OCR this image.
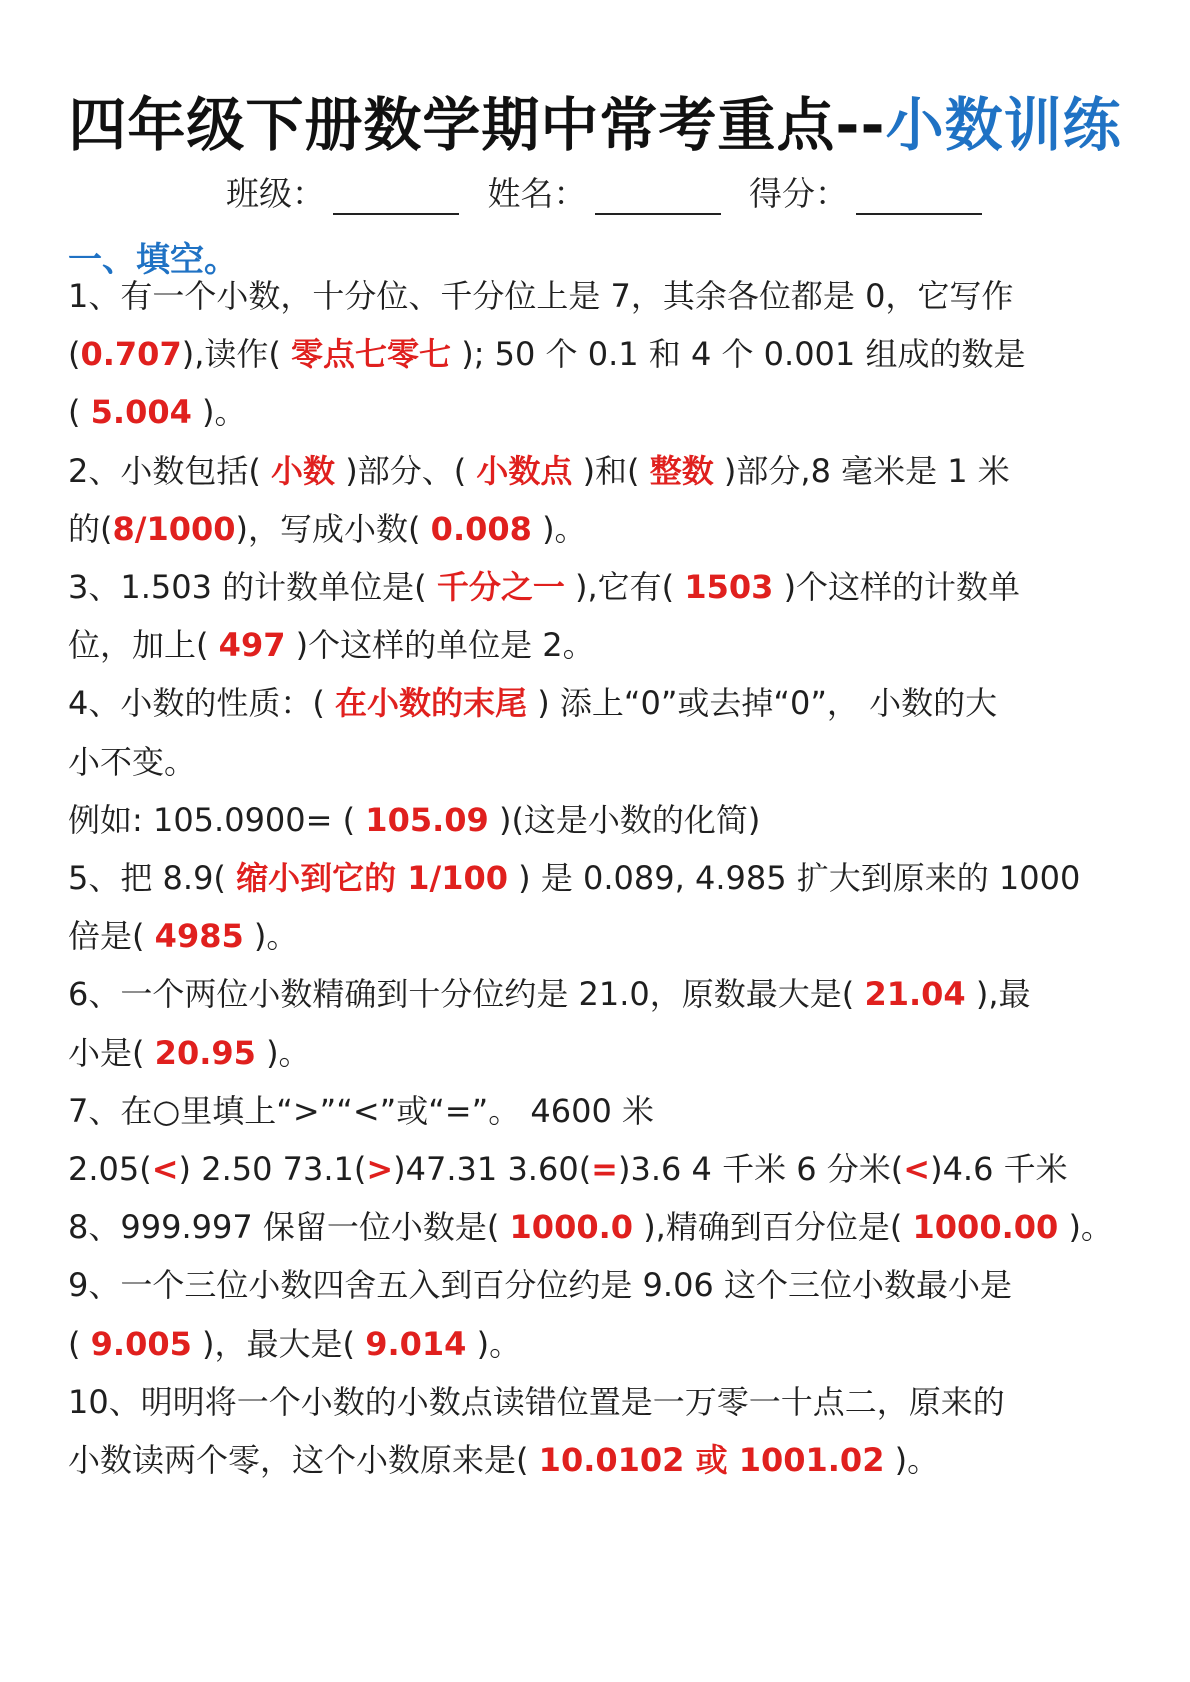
四年级下册数学期中常考重点--小数训练
班级：	姓名：	得分：
一、填空。
1、有一个小数，十分位、千分位上是 7，其余各位都是 0，它写作
(0.707),读作( 零点七零七 ); 50 个 0.1 和 4 个 0.001 组成的数是
( 5.004 )。
2、小数包括( 小数 )部分、( 小数点 )和( 整数 )部分,8 毫米是 1 米
的(8/1000)，写成小数( 0.008 )。
3、1.503 的计数单位是( 千分之一 ),它有( 1503 )个这样的计数单
位，加上( 497 )个这样的单位是 2。
4、小数的性质：( 在小数的末尾 ) 添上“0”或去掉“0”， 小数的大
小不变。
例如: 105.0900= ( 105.09 )(这是小数的化简)
5、把 8.9( 缩小到它的 1/100 ) 是 0.089, 4.985 扩大到原来的 1000
倍是( 4985 )。
6、一个两位小数精确到十分位约是 21.0，原数最大是( 21.04 ),最
小是( 20.95 )。
7、在○里填上“>”“<”或“=”。 4600 米
2.05(<) 2.50 73.1(>)47.31 3.60(=)3.6 4 千米 6 分米(<)4.6 千米
8、999.997 保留一位小数是( 1000.0 ),精确到百分位是( 1000.00 )。
9、一个三位小数四舍五入到百分位约是 9.06 这个三位小数最小是
( 9.005 )，最大是( 9.014 )。
10、明明将一个小数的小数点读错位置是一万零一十点二，原来的
小数读两个零，这个小数原来是( 10.0102 或 1001.02 )。
